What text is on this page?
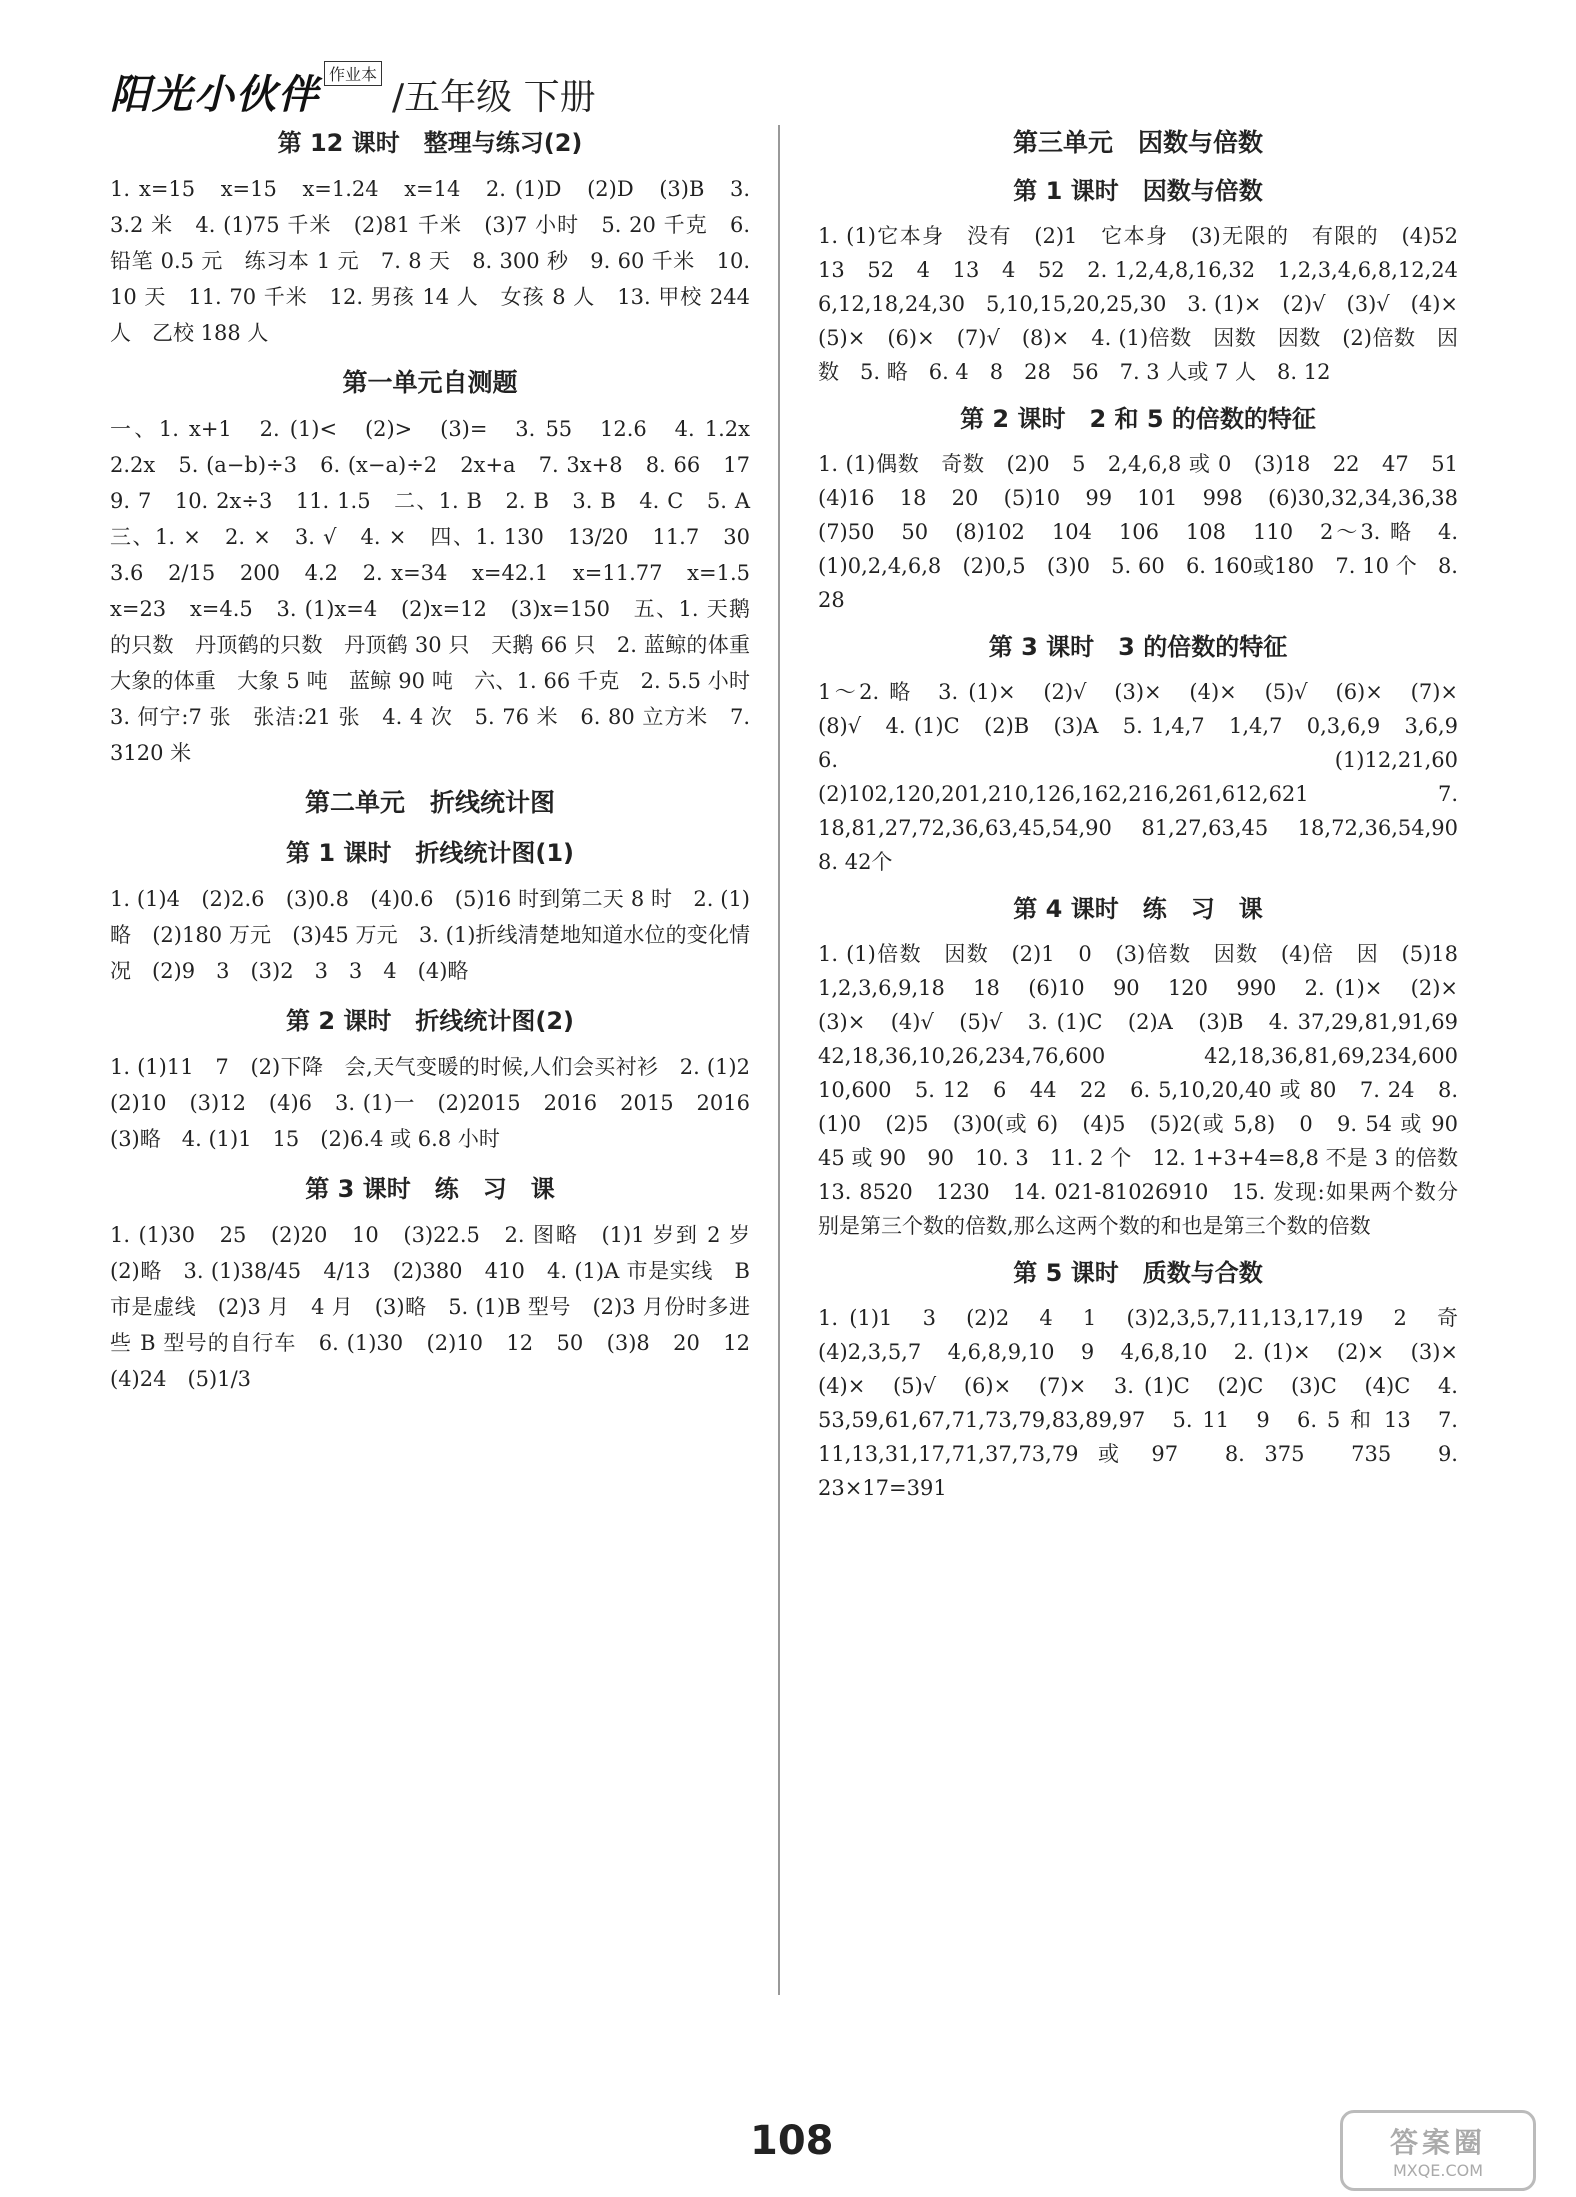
阳光小伙伴 作业本
/五年级 下册
第 12 课时　整理与练习(2)

1. x=15　x=15　x=1.24　x=14　2. (1)D　(2)D　(3)B　3. 3.2 米　4. (1)75 千米　(2)81 千米　(3)7 小时　5. 20 千克　6. 铅笔 0.5 元　练习本 1 元　7. 8 天　8. 300 秒　9. 60 千米　10. 10 天　11. 70 千米　12. 男孩 14 人　女孩 8 人　13. 甲校 244 人　乙校 188 人

第一单元自测题

一、1. x+1　2. (1)<　(2)>　(3)=　3. 55　12.6　4. 1.2x　2.2x　5. (a−b)÷3　6. (x−a)÷2　2x+a　7. 3x+8　8. 66　17　9. 7　10. 2x÷3　11. 1.5　二、1. B　2. B　3. B　4. C　5. A　三、1. ×　2. ×　3. √　4. ×　四、1. 130　13/20　11.7　30　3.6　2/15　200　4.2　2. x=34　x=42.1　x=11.77　x=1.5　x=23　x=4.5　3. (1)x=4　(2)x=12　(3)x=150　五、1. 天鹅的只数　丹顶鹤的只数　丹顶鹤 30 只　天鹅 66 只　2. 蓝鲸的体重　大象的体重　大象 5 吨　蓝鲸 90 吨　六、1. 66 千克　2. 5.5 小时　3. 何宁:7 张　张洁:21 张　4. 4 次　5. 76 米　6. 80 立方米　7. 3120 米

第二单元　折线统计图
第 1 课时　折线统计图(1)

1. (1)4　(2)2.6　(3)0.8　(4)0.6　(5)16 时到第二天 8 时　2. (1)略　(2)180 万元　(3)45 万元　3. (1)折线清楚地知道水位的变化情况　(2)9　3　(3)2　3　3　4　(4)略

第 2 课时　折线统计图(2)

1. (1)11　7　(2)下降　会,天气变暖的时候,人们会买衬衫　2. (1)2　(2)10　(3)12　(4)6　3. (1)一　(2)2015　2016　2015　2016　(3)略　4. (1)1　15　(2)6.4 或 6.8 小时

第 3 课时　练　习　课

1. (1)30　25　(2)20　10　(3)22.5　2. 图略　(1)1 岁到 2 岁　(2)略　3. (1)38/45　4/13　(2)380　410　4. (1)A 市是实线　B 市是虚线　(2)3 月　4 月　(3)略　5. (1)B 型号　(2)3 月份时多进些 B 型号的自行车　6. (1)30　(2)10　12　50　(3)8　20　12　(4)24　(5)1/3

第三单元　因数与倍数
第 1 课时　因数与倍数

1. (1)它本身　没有　(2)1　它本身　(3)无限的　有限的　(4)52　13　52　4　13　4　52　2. 1,2,4,8,16,32　1,2,3,4,6,8,12,24　6,12,18,24,30　5,10,15,20,25,30　3. (1)×　(2)√　(3)√　(4)×　(5)×　(6)×　(7)√　(8)×　4. (1)倍数　因数　因数　(2)倍数　因数　5. 略　6. 4　8　28　56　7. 3 人或 7 人　8. 12

第 2 课时　2 和 5 的倍数的特征

1. (1)偶数　奇数　(2)0　5　2,4,6,8 或 0　(3)18　22　47　51　(4)16　18　20　(5)10　99　101　998　(6)30,32,34,36,38　(7)50　50　(8)102　104　106　108　110　2～3. 略　4. (1)0,2,4,6,8　(2)0,5　(3)0　5. 60　6. 160或180　7. 10 个　8. 28

第 3 课时　3 的倍数的特征

1～2. 略　3. (1)×　(2)√　(3)×　(4)×　(5)√　(6)×　(7)×　(8)√　4. (1)C　(2)B　(3)A　5. 1,4,7　1,4,7　0,3,6,9　3,6,9　6. (1)12,21,60　(2)102,120,201,210,126,162,216,261,612,621　7. 18,81,27,72,36,63,45,54,90　81,27,63,45　18,72,36,54,90　8. 42个

第 4 课时　练　习　课

1. (1)倍数　因数　(2)1　0　(3)倍数　因数　(4)倍　因　(5)18　1,2,3,6,9,18　18　(6)10　90　120　990　2. (1)×　(2)×　(3)×　(4)√　(5)√　3. (1)C　(2)A　(3)B　4. 37,29,81,91,69　42,18,36,10,26,234,76,600　42,18,36,81,69,234,600　10,600　5. 12　6　44　22　6. 5,10,20,40 或 80　7. 24　8. (1)0　(2)5　(3)0(或 6)　(4)5　(5)2(或 5,8)　0　9. 54 或 90　45 或 90　90　10. 3　11. 2 个　12. 1+3+4=8,8 不是 3 的倍数　13. 8520　1230　14. 021-81026910　15. 发现:如果两个数分别是第三个数的倍数,那么这两个数的和也是第三个数的倍数

第 5 课时　质数与合数

1. (1)1　3　(2)2　4　1　(3)2,3,5,7,11,13,17,19　2　奇　(4)2,3,5,7　4,6,8,9,10　9　4,6,8,10　2. (1)×　(2)×　(3)×　(4)×　(5)√　(6)×　(7)×　3. (1)C　(2)C　(3)C　(4)C　4. 53,59,61,67,71,73,79,83,89,97　5. 11　9　6. 5 和 13　7. 11,13,31,17,71,37,73,79 或 97　8. 375　735　9. 23×17=391

108	答案圈
MXQE.COM
